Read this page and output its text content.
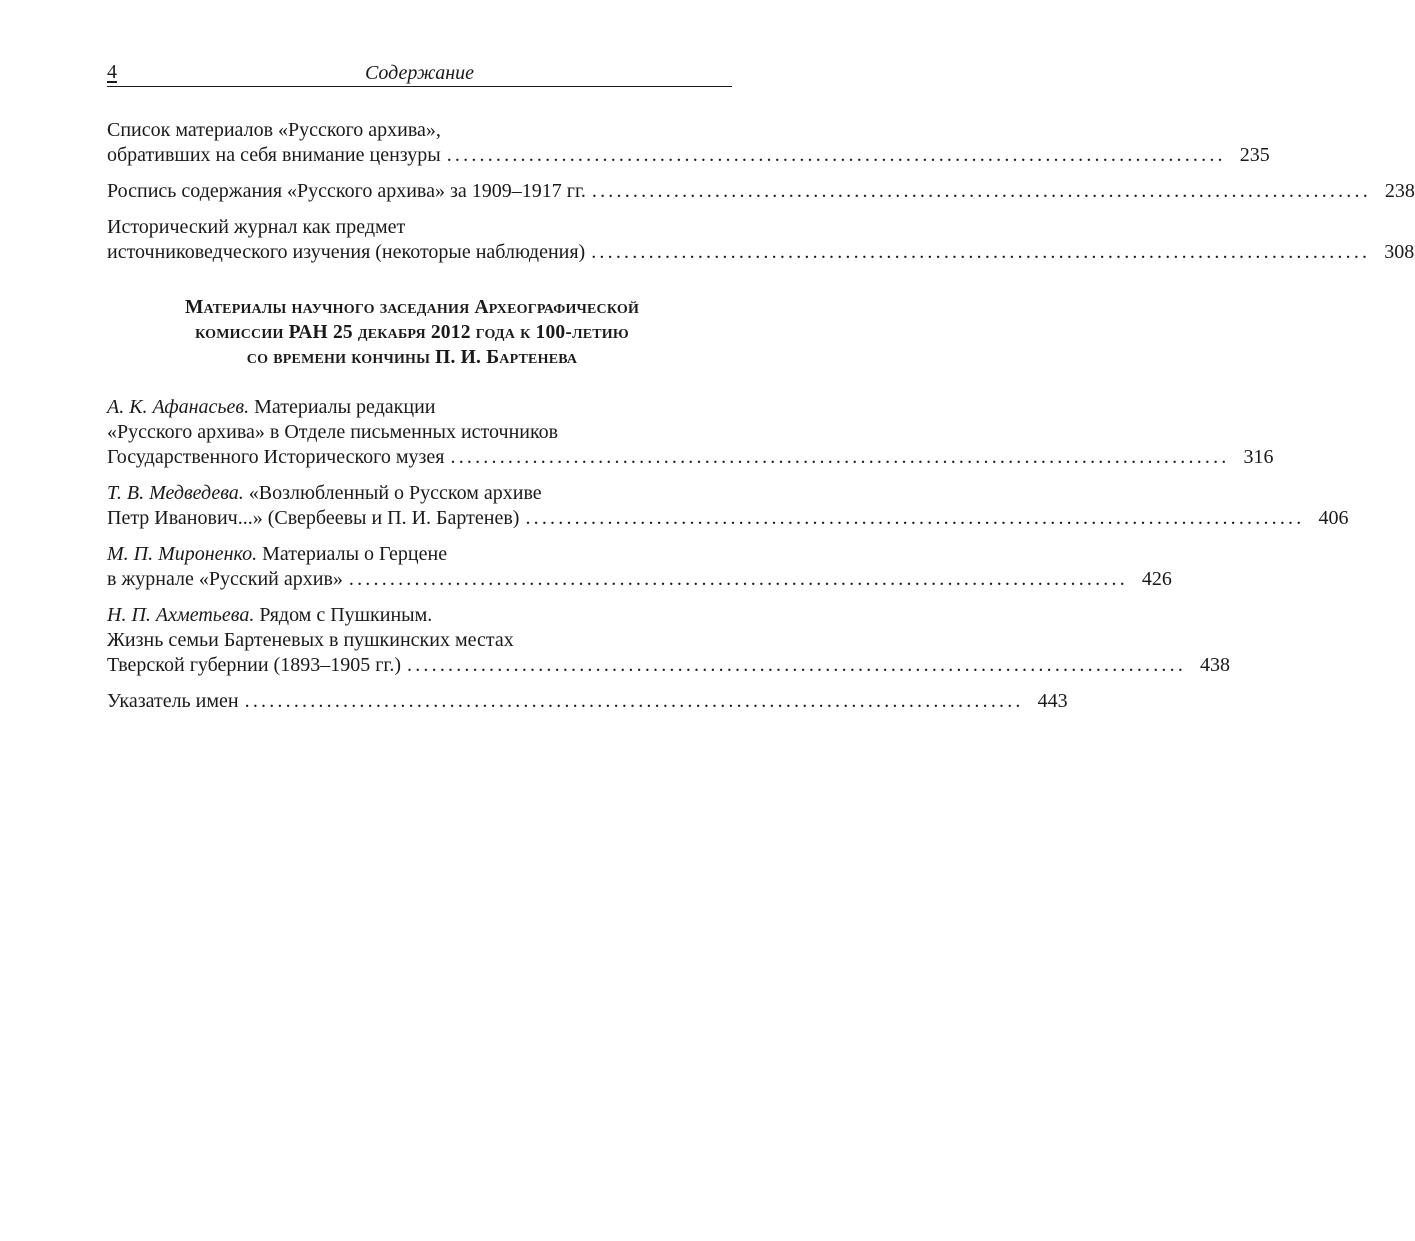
4	Содержание
Список материалов «Русского архива»,
обративших на себя внимание цензуры ............................................................................................... 235
Роспись содержания «Русского архива» за 1909–1917 гг. ............................................................................................... 238
Исторический журнал как предмет
источниковедческого изучения (некоторые наблюдения) ............................................................................................... 308
Материалы научного заседания Археографической
комиссии РАН 25 декабря 2012 года к 100-летию
со времени кончины П. И. Бартенева
А. К. Афанасьев. Материалы редакции
«Русского архива» в Отделе письменных источников
Государственного Исторического музея ............................................................................................... 316
Т. В. Медведева. «Возлюбленный о Русском архиве
Петр Иванович...» (Свербеевы и П. И. Бартенев) ............................................................................................... 406
М. П. Мироненко. Материалы о Герцене
в журнале «Русский архив» ............................................................................................... 426
Н. П. Ахметьева. Рядом с Пушкиным.
Жизнь семьи Бартеневых в пушкинских местах
Тверской губернии (1893–1905 гг.) ............................................................................................... 438
Указатель имен ............................................................................................... 443
